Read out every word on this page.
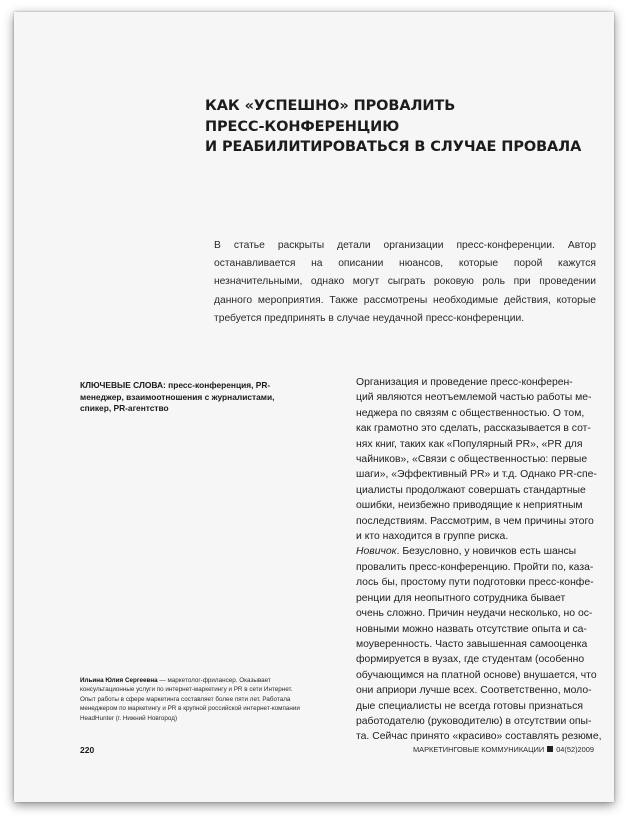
КАК «УСПЕШНО» ПРОВАЛИТЬ
ПРЕСС-КОНФЕРЕНЦИЮ
И РЕАБИЛИТИРОВАТЬСЯ В СЛУЧАЕ ПРОВАЛА

В статье раскрыты детали организации пресс-конференции. Автор останавливается на описании нюансов, которые порой кажутся незначительными, однако могут сыграть роковую роль при проведении данного мероприятия. Также рассмотрены необходимые действия, которые требуется предпринять в случае неудачной пресс-конференции.

КЛЮЧЕВЫЕ СЛОВА: пресс-конференция, PR-менеджер, взаимоотношения с журналистами, спикер, PR-агентство

Ильина Юлия Сергеевна — маркетолог-фрилансер. Оказывает консультационные услуги по интернет-маркетингу и PR в сети Интернет. Опыт работы в сфере маркетинга составляет более пяти лет. Работала менеджером по маркетингу и PR в крупной российской интернет-компании HeadHunter (г. Нижний Новгород)

Организация и проведение пресс-конферен-
ций являются неотъемлемой частью работы ме-
неджера по связям с общественностью. О том,
как грамотно это сделать, рассказывается в сот-
нях книг, таких как «Популярный PR», «PR для
чайников», «Связи с общественностью: первые
шаги», «Эффективный PR» и т.д. Однако PR-спе-
циалисты продолжают совершать стандартные
ошибки, неизбежно приводящие к неприятным
последствиям. Рассмотрим, в чем причины этого
и кто находится в группе риска.

Новичок. Безусловно, у новичков есть шансы
провалить пресс-конференцию. Пройти по, каза-
лось бы, простому пути подготовки пресс-конфе-
ренции для неопытного сотрудника бывает
очень сложно. Причин неудачи несколько, но ос-
новными можно назвать отсутствие опыта и са-
моуверенность. Часто завышенная самооценка
формируется в вузах, где студентам (особенно
обучающимся на платной основе) внушается, что
они априори лучше всех. Соответственно, моло-
дые специалисты не всегда готовы признаться
работодателю (руководителю) в отсутствии опы-
та. Сейчас принято «красиво» составлять резюме,

220	МАРКЕТИНГОВЫЕ КОММУНИКАЦИИ 04(52)2009
